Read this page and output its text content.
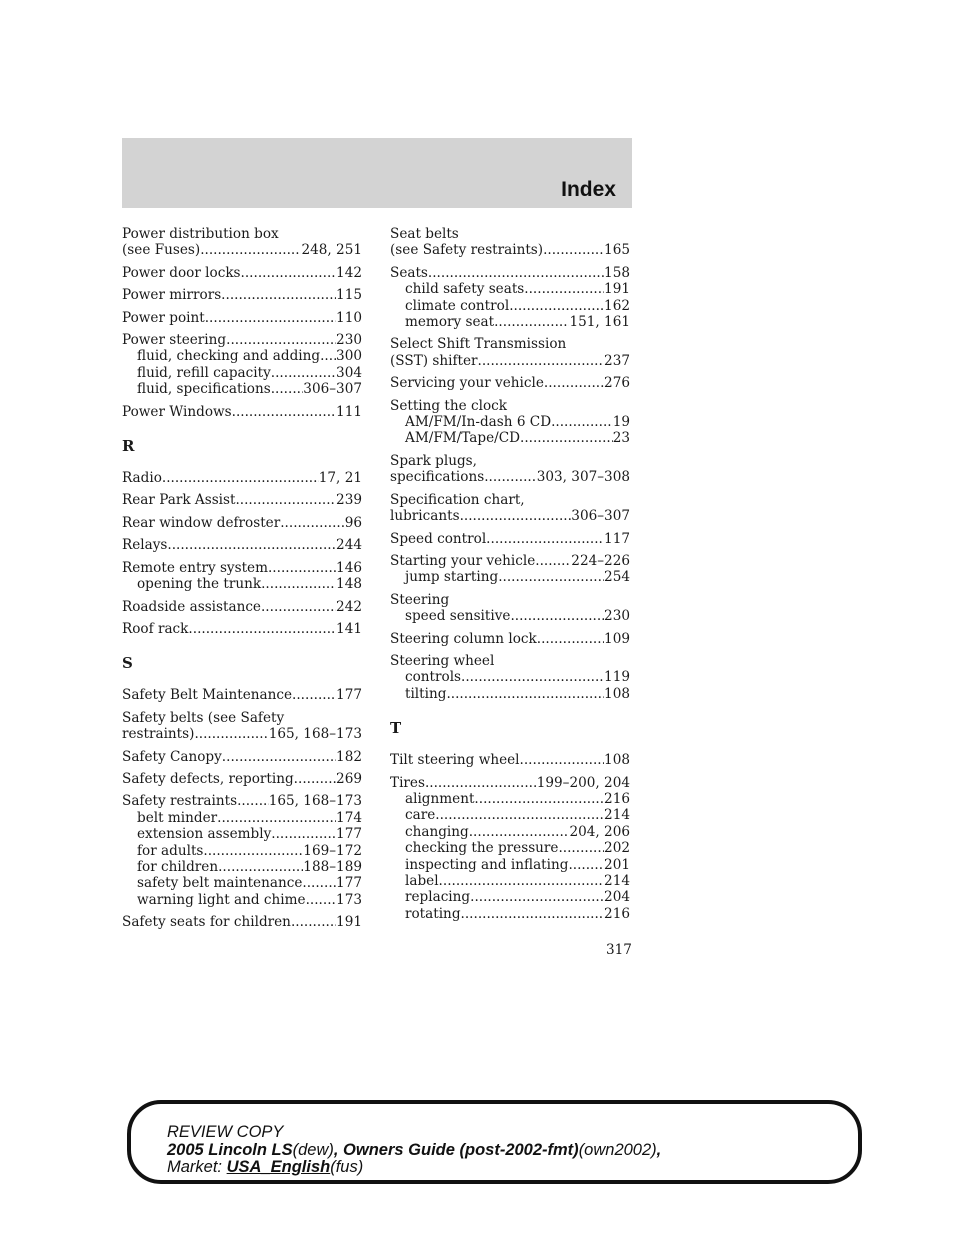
Index
Power distribution box
(see Fuses) .....	248, 251
Power door locks .....	142
Power mirrors .....	115
Power point .....	110
Power steering .....	230
fluid, checking and adding ..... 300
fluid, refill capacity .....	304
fluid, specifications ..... 306–307
Power Windows .....	111
R
Radio .....	17, 21
Rear Park Assist .....	239
Rear window defroster .....	96
Relays .....	244
Remote entry system .....	146
opening the trunk .....	148
Roadside assistance .....	242
Roof rack .....	141
S
Safety Belt Maintenance .....	177
Safety belts (see Safety
restraints) .....	165, 168–173
Safety Canopy .....	182
Safety defects, reporting .....	269
Safety restraints ..... 165, 168–173
belt minder .....	174
extension assembly .....	177
for adults .....	169–172
for children .....	188–189
safety belt maintenance ..... 177
warning light and chime ..... 173
Safety seats for children .....	191
Seat belts
(see Safety restraints) .....	165
Seats .....	158
child safety seats .....	191
climate control .....	162
memory seat .....	151, 161
Select Shift Transmission
(SST) shifter .....	237
Servicing your vehicle .....	276
Setting the clock
AM/FM/In-dash 6 CD .....	19
AM/FM/Tape/CD .....	23
Spark plugs,
specifications .....	303, 307–308
Specification chart,
lubricants .....	306–307
Speed control .....	117
Starting your vehicle .....	224–226
jump starting .....	254
Steering
speed sensitive .....	230
Steering column lock .....	109
Steering wheel
controls .....	119
tilting .....	108
T
Tilt steering wheel .....	108
Tires .....	199–200, 204
alignment .....	216
care .....	214
changing .....	204, 206
checking the pressure .....	202
inspecting and inflating .....	201
label .....	214
replacing .....	204
rotating .....	216
317
REVIEW COPY
2005 Lincoln LS(dew), Owners Guide (post-2002-fmt)(own2002),
Market: USA_English(fus)
